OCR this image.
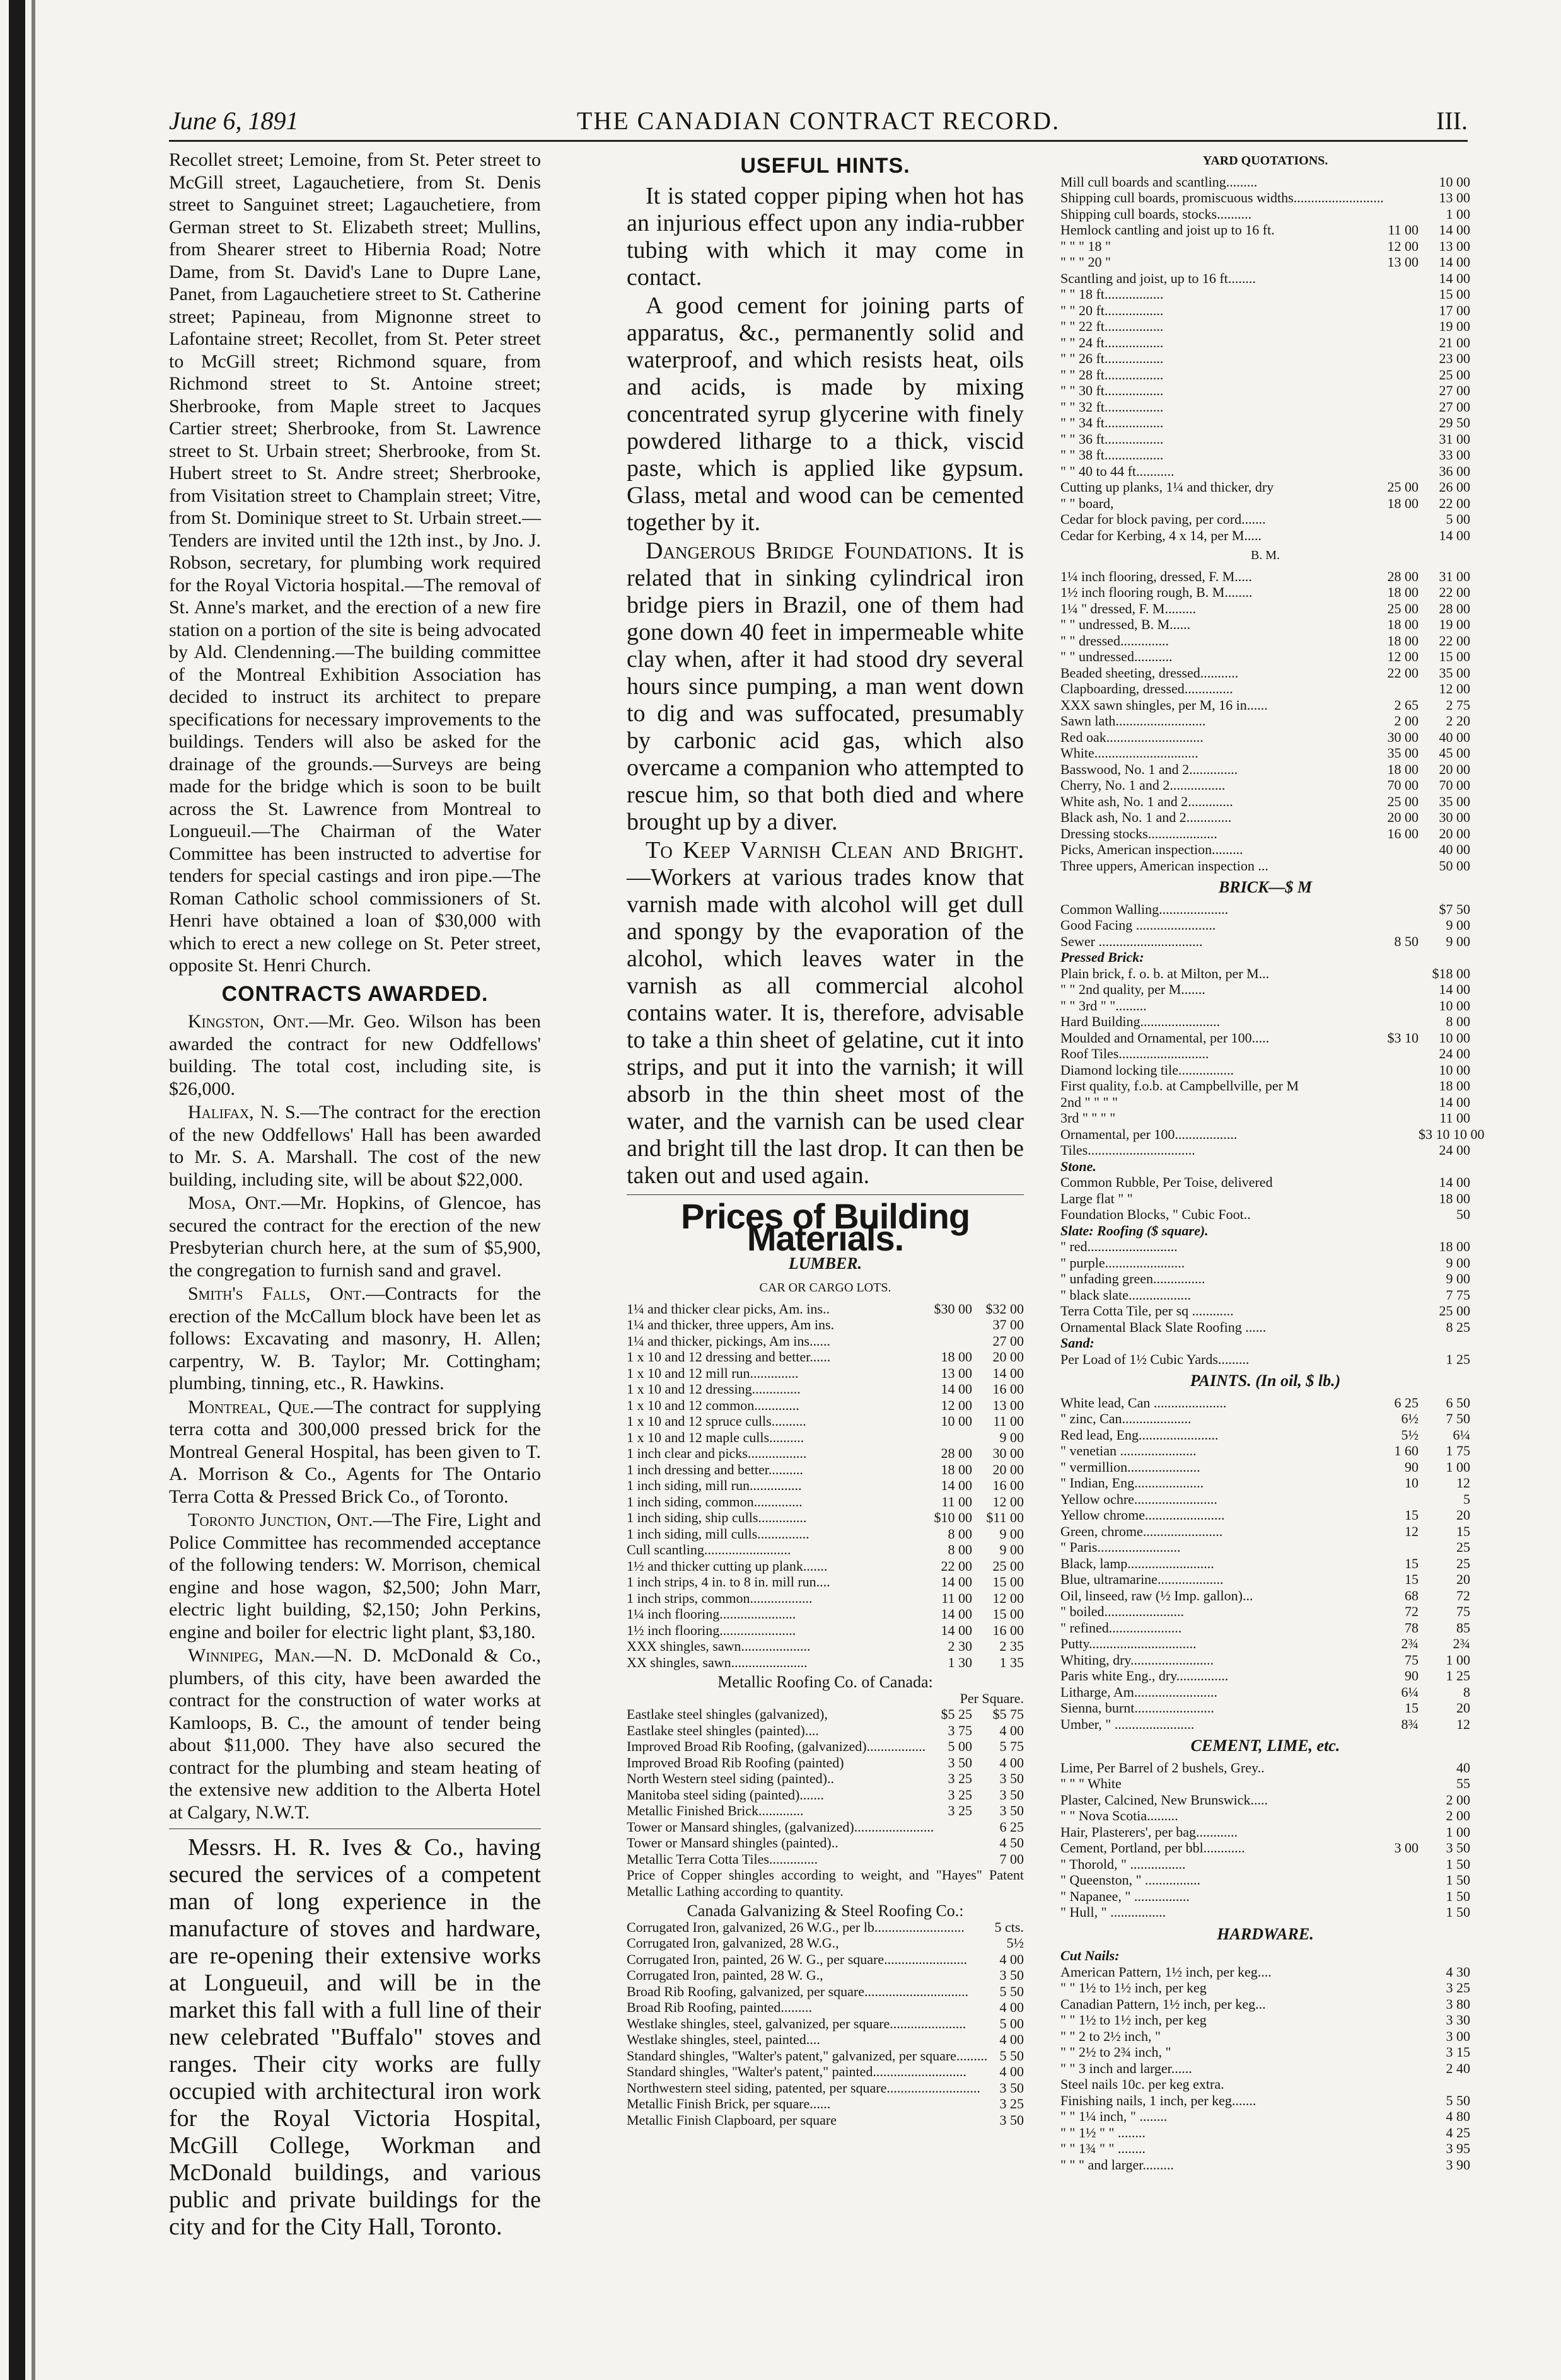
June 6, 1891	THE CANADIAN CONTRACT RECORD.	III.

Recollet street; Lemoine, from St. Peter street to McGill street, Lagauchetiere, from St. Denis street to Sanguinet street; Lagauchetiere, from German street to St. Elizabeth street; Mullins, from Shearer street to Hibernia Road; Notre Dame, from St. David's Lane to Dupre Lane, Panet, from Lagauchetiere street to St. Catherine street; Papineau, from Mignonne street to Lafontaine street; Recollet, from St. Peter street to McGill street; Richmond square, from Richmond street to St. Antoine street; Sherbrooke, from Maple street to Jacques Cartier street; Sherbrooke, from St. Lawrence street to St. Urbain street; Sherbrooke, from St. Hubert street to St. Andre street; Sherbrooke, from Visitation street to Champlain street; Vitre, from St. Dominique street to St. Urbain street.—Tenders are invited until the 12th inst., by Jno. J. Robson, secretary, for plumbing work required for the Royal Victoria hospital.—The removal of St. Anne's market, and the erection of a new fire station on a portion of the site is being advocated by Ald. Clendenning.—The building committee of the Montreal Exhibition Association has decided to instruct its architect to prepare specifications for necessary improvements to the buildings. Tenders will also be asked for the drainage of the grounds.—Surveys are being made for the bridge which is soon to be built across the St. Lawrence from Montreal to Longueuil.—The Chairman of the Water Committee has been instructed to advertise for tenders for special castings and iron pipe.—The Roman Catholic school commissioners of St. Henri have obtained a loan of $30,000 with which to erect a new college on St. Peter street, opposite St. Henri Church.

CONTRACTS AWARDED.

Kingston, Ont.—Mr. Geo. Wilson has been awarded the contract for new Oddfellows' building. The total cost, including site, is $26,000.

Halifax, N. S.—The contract for the erection of the new Oddfellows' Hall has been awarded to Mr. S. A. Marshall. The cost of the new building, including site, will be about $22,000.

Mosa, Ont.—Mr. Hopkins, of Glencoe, has secured the contract for the erection of the new Presbyterian church here, at the sum of $5,900, the congregation to furnish sand and gravel.

Smith's Falls, Ont.—Contracts for the erection of the McCallum block have been let as follows: Excavating and masonry, H. Allen; carpentry, W. B. Taylor; Mr. Cottingham; plumbing, tinning, etc., R. Hawkins.

Montreal, Que.—The contract for supplying terra cotta and 300,000 pressed brick for the Montreal General Hospital, has been given to T. A. Morrison & Co., Agents for The Ontario Terra Cotta & Pressed Brick Co., of Toronto.

Toronto Junction, Ont.—The Fire, Light and Police Committee has recommended acceptance of the following tenders: W. Morrison, chemical engine and hose wagon, $2,500; John Marr, electric light building, $2,150; John Perkins, engine and boiler for electric light plant, $3,180.

Winnipeg, Man.—N. D. McDonald & Co., plumbers, of this city, have been awarded the contract for the construction of water works at Kamloops, B. C., the amount of tender being about $11,000. They have also secured the contract for the plumbing and steam heating of the extensive new addition to the Alberta Hotel at Calgary, N.W.T.

Messrs. H. R. Ives & Co., having secured the services of a competent man of long experience in the manufacture of stoves and hardware, are re-opening their extensive works at Longueuil, and will be in the market this fall with a full line of their new celebrated "Buffalo" stoves and ranges. Their city works are fully occupied with architectural iron work for the Royal Victoria Hospital, McGill College, Workman and McDonald buildings, and various public and private buildings for the city and for the City Hall, Toronto.

USEFUL HINTS.

It is stated copper piping when hot has an injurious effect upon any india-rubber tubing with which it may come in contact.

A good cement for joining parts of apparatus, &c., permanently solid and waterproof, and which resists heat, oils and acids, is made by mixing concentrated syrup glycerine with finely powdered litharge to a thick, viscid paste, which is applied like gypsum. Glass, metal and wood can be cemented together by it.

Dangerous Bridge Foundations. It is related that in sinking cylindrical iron bridge piers in Brazil, one of them had gone down 40 feet in impermeable white clay when, after it had stood dry several hours since pumping, a man went down to dig and was suffocated, presumably by carbonic acid gas, which also overcame a companion who attempted to rescue him, so that both died and where brought up by a diver.

To Keep Varnish Clean and Bright.—Workers at various trades know that varnish made with alcohol will get dull and spongy by the evaporation of the alcohol, which leaves water in the varnish as all commercial alcohol contains water. It is, therefore, advisable to take a thin sheet of gelatine, cut it into strips, and put it into the varnish; it will absorb in the thin sheet most of the water, and the varnish can be used clear and bright till the last drop. It can then be taken out and used again.

Prices of Building Materials.
LUMBER.
CAR OR CARGO LOTS.
1¼ and thicker clear picks, Am. ins..	$30 00 $32 00
1¼ and thicker, three uppers, Am ins.	37 00
1¼ and thicker, pickings, Am ins......	27 00
1 x 10 and 12 dressing and better......	18 00	20 00
1 x 10 and 12 mill run..............	13 00	14 00
1 x 10 and 12 dressing..............	14 00	16 00
1 x 10 and 12 common.............	12 00	13 00
1 x 10 and 12 spruce culls..........	10 00	11 00
1 x 10 and 12 maple culls..........	9 00
1 inch clear and picks.................	28 00	30 00
1 inch dressing and better..........	18 00	20 00
1 inch siding, mill run...............	14 00	16 00
1 inch siding, common..............	11 00	12 00
1 inch siding, ship culls..............	$10 00	$11 00
1 inch siding, mill culls...............	8 00	9 00
Cull scantling.........................	8 00	9 00
1½ and thicker cutting up plank.......	22 00	25 00
1 inch strips, 4 in. to 8 in. mill run....	14 00	15 00
1 inch strips, common..................	11 00	12 00
1¼ inch flooring......................	14 00	15 00
1½ inch flooring......................	14 00	16 00
XXX shingles, sawn....................	2 30	2 35
XX shingles, sawn......................	1 30	1 35
Metallic Roofing Co. of Canada:
Per Square.
Eastlake steel shingles (galvanized),	$5 25	$5 75
Eastlake steel shingles (painted)....	3 75	4 00
Improved Broad Rib Roofing, (galvanized).................	5 00	5 75
Improved Broad Rib Roofing (painted)	3 50	4 00
North Western steel siding (painted)..	3 25	3 50
Manitoba steel siding (painted).......	3 25	3 50
Metallic Finished Brick.............	3 25	3 50
Tower or Mansard shingles, (galvanized).......................	6 25
Tower or Mansard shingles (painted)..	4 50
Metallic Terra Cotta Tiles..............	7 00
Price of Copper shingles according to weight, and "Hayes" Patent Metallic Lathing according to quantity.
Canada Galvanizing & Steel Roofing Co.:
Corrugated Iron, galvanized, 26 W.G., per lb.......................... 5 cts.
Corrugated Iron, galvanized, 28 W.G.,	5½
Corrugated Iron, painted, 26 W. G., per square........................	4 00
Corrugated Iron, painted, 28 W. G.,	3 50
Broad Rib Roofing, galvanized, per square..............................	5 50
Broad Rib Roofing, painted.........	4 00
Westlake shingles, steel, galvanized, per square......................	5 00
Westlake shingles, steel, painted....	4 00
Standard shingles, "Walter's patent," galvanized, per square......... 5 50
Standard shingles, "Walter's patent," painted...........................	4 00
Northwestern steel siding, patented, per square........................... 3 50
Metallic Finish Brick, per square......	3 25
Metallic Finish Clapboard, per square	3 50
YARD QUOTATIONS.
Mill cull boards and scantling.........	10 00
Shipping cull boards, promiscuous widths..........................	13 00
Shipping cull boards, stocks..........	1 00
Hemlock cantling and joist up to 16 ft.	11 00	14 00
" " " 18 "	12 00	13 00
" " " 20 "	13 00	14 00
Scantling and joist, up to 16 ft........	14 00
" " 18 ft.................	15 00
" " 20 ft.................	17 00
" " 22 ft.................	19 00
" " 24 ft.................	21 00
" " 26 ft.................	23 00
" " 28 ft.................	25 00
" " 30 ft.................	27 00
" " 32 ft.................	27 00
" " 34 ft.................	29 50
" " 36 ft.................	31 00
" " 38 ft.................	33 00
" " 40 to 44 ft...........	36 00
Cutting up planks, 1¼ and thicker, dry	25 00	26 00
" " board,	18 00	22 00
Cedar for block paving, per cord.......	5 00
Cedar for Kerbing, 4 x 14, per M.....	14 00
B. M.
1¼ inch flooring, dressed, F. M.....	28 00	31 00
1½ inch flooring rough, B. M........	18 00	22 00
1¼ " dressed, F. M.........	25 00	28 00
" " undressed, B. M......	18 00	19 00
" " dressed..............	18 00	22 00
" " undressed...........	12 00	15 00
Beaded sheeting, dressed...........	22 00	35 00
Clapboarding, dressed..............	12 00
XXX sawn shingles, per M, 16 in......	2 65	2 75
Sawn lath..........................	2 00	2 20
Red oak............................	30 00	40 00
White..............................	35 00	45 00
Basswood, No. 1 and 2..............	18 00	20 00
Cherry, No. 1 and 2................	70 00	70 00
White ash, No. 1 and 2.............	25 00	35 00
Black ash, No. 1 and 2.............	20 00	30 00
Dressing stocks....................	16 00	20 00
Picks, American inspection.........	40 00
Three uppers, American inspection ...	50 00
BRICK—$ M
Common Walling....................	$7 50
Good Facing .......................	9 00
Sewer ..............................	8 50	9 00
Pressed Brick:
Plain brick, f. o. b. at Milton, per M...	$18 00
" " 2nd quality, per M.......	14 00
" " 3rd " ".........	10 00
Hard Building.......................	8 00
Moulded and Ornamental, per 100.....	$3 10	10 00
Roof Tiles..........................	24 00
Diamond locking tile................	10 00
First quality, f.o.b. at Campbellville, per M	18 00
2nd " " " "	14 00
3rd " " " "	11 00
Ornamental, per 100..................	$3 10 10 00
Tiles...............................	24 00
Stone.
Common Rubble, Per Toise, delivered	14 00
Large flat " "	18 00
Foundation Blocks, " Cubic Foot..	50
Slate: Roofing ($ square).
" red..........................	18 00
" purple.......................	9 00
" unfading green...............	9 00
" black slate..................	7 75
Terra Cotta Tile, per sq ............	25 00
Ornamental Black Slate Roofing ......	8 25
Sand:
Per Load of 1½ Cubic Yards.........	1 25
PAINTS. (In oil, $ lb.)
White lead, Can .....................	6 25	6 50
" zinc, Can....................	6½	7 50
Red lead, Eng.......................	5½	6¼
" venetian ......................	1 60	1 75
" vermillion.....................	90	1 00
" Indian, Eng....................	10	12
Yellow ochre........................	5
Yellow chrome.......................	15	20
Green, chrome.......................	12	15
" Paris........................	25
Black, lamp.........................	15	25
Blue, ultramarine...................	15	20
Oil, linseed, raw (½ Imp. gallon)...	68	72
" boiled.......................	72	75
" refined.....................	78	85
Putty...............................	2¾	2¾
Whiting, dry........................	75	1 00
Paris white Eng., dry...............	90	1 25
Litharge, Am........................	6¼	8
Sienna, burnt.......................	15	20
Umber, " .......................	8¾	12
CEMENT, LIME, etc.
Lime, Per Barrel of 2 bushels, Grey..	40
" " " White	55
Plaster, Calcined, New Brunswick.....	2 00
" " Nova Scotia.........	2 00
Hair, Plasterers', per bag............	1 00
Cement, Portland, per bbl............	3 00	3 50
" Thorold, " ................	1 50
" Queenston, " ................	1 50
" Napanee, " ................	1 50
" Hull, " ................	1 50
HARDWARE.
Cut Nails:
American Pattern, 1½ inch, per keg....	4 30
" " 1½ to 1½ inch, per keg	3 25
Canadian Pattern, 1½ inch, per keg...	3 80
" " 1½ to 1½ inch, per keg	3 30
" " 2 to 2½ inch, "	3 00
" " 2½ to 2¾ inch, "	3 15
" " 3 inch and larger......	2 40
Steel nails 10c. per keg extra.
Finishing nails, 1 inch, per keg.......	5 50
" " 1¼ inch, " ........	4 80
" " 1½ " " ........	4 25
" " 1¾ " " ........	3 95
" " " and larger.........	3 90
